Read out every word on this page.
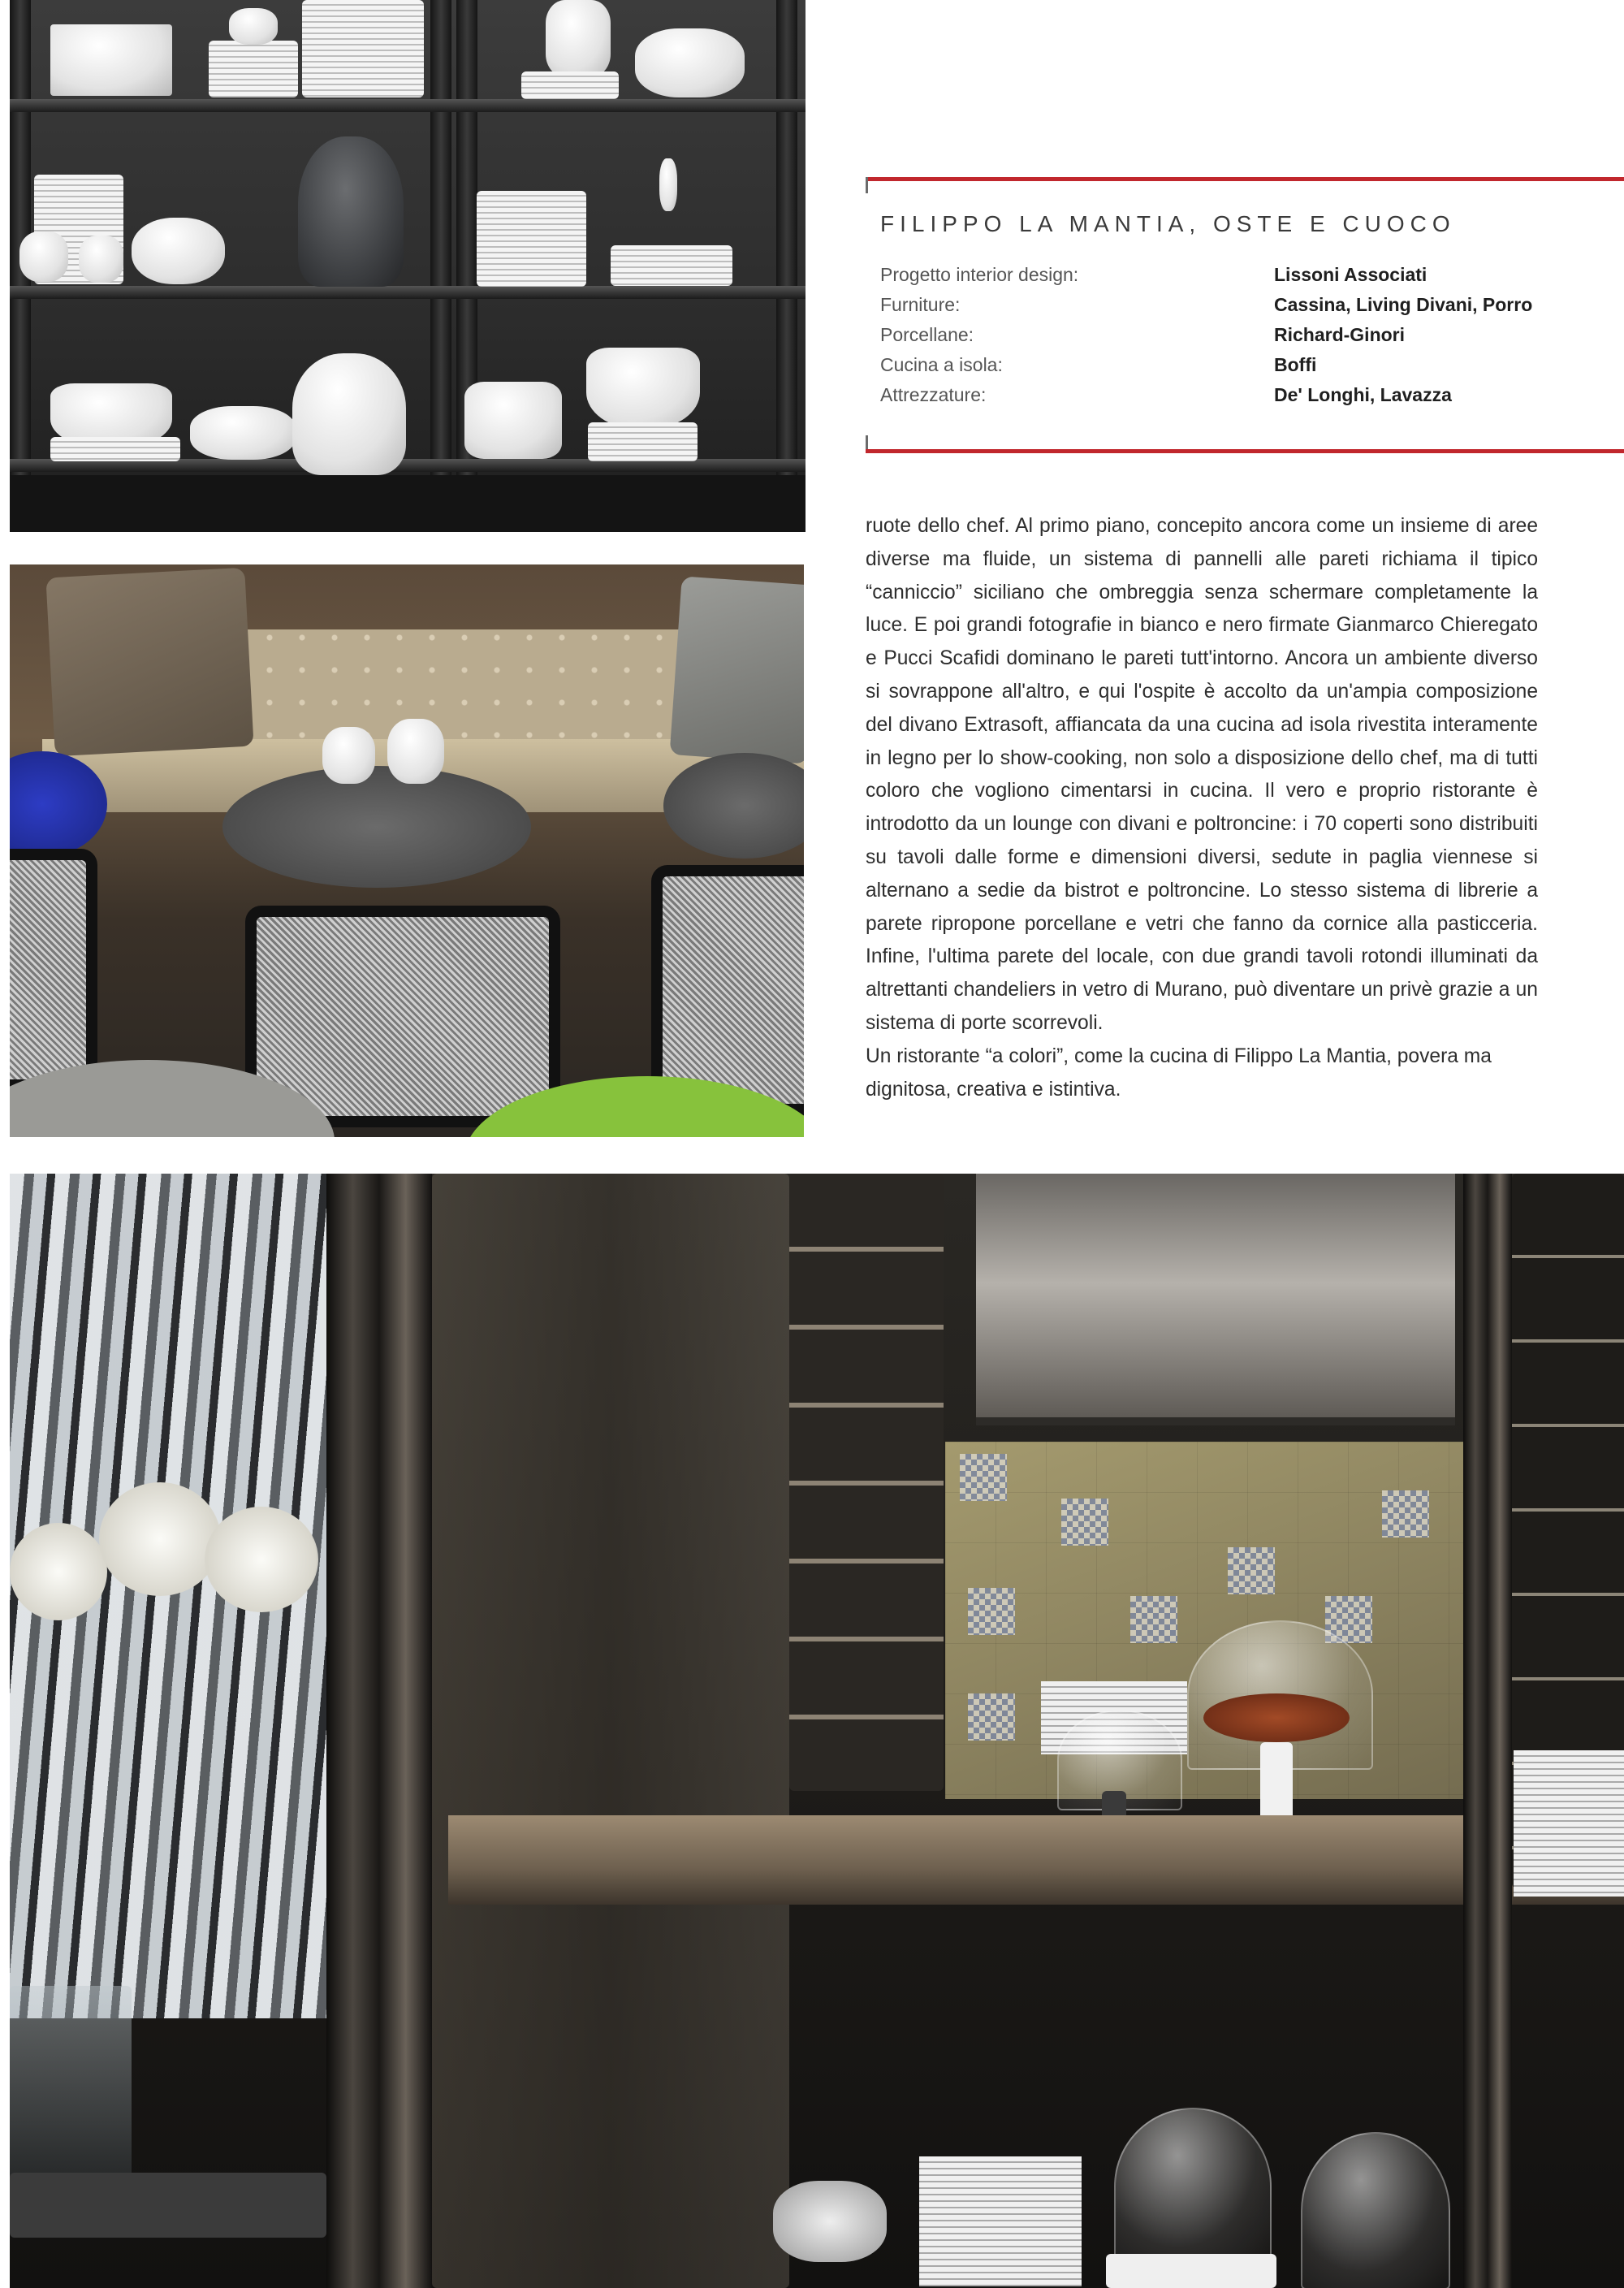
FILIPPO LA MANTIA, OSTE E CUOCO
Progetto interior design:	Lissoni Associati
Furniture:	Cassina, Living Divani, Porro
Porcellane:	Richard-Ginori
Cucina a isola:	Boffi
Attrezzature:	De' Longhi, Lavazza

ruote dello chef. Al primo piano, concepito ancora come un insieme di aree diverse ma fluide, un sistema di pannelli alle pareti richiama il tipico “canniccio” siciliano che ombreggia senza schermare completamente la luce. E poi grandi fotografie in bianco e nero firmate Gianmarco Chieregato e Pucci Scafidi dominano le pareti tutt'intorno. Ancora un ambiente diverso si sovrappone all'altro, e qui l'ospite è accolto da un'ampia composizione del divano Extrasoft, affiancata da una cucina ad isola rivestita interamente in legno per lo show-cooking, non solo a disposizione dello chef, ma di tutti coloro che vogliono cimentarsi in cucina. Il vero e proprio ristorante è introdotto da un lounge con divani e poltroncine: i 70 coperti sono distribuiti su tavoli dalle forme e dimensioni diversi, sedute in paglia viennese si alternano a sedie da bistrot e poltroncine. Lo stesso sistema di librerie a parete ripropone porcellane e vetri che fanno da cornice alla pasticceria. Infine, l'ultima parete del locale, con due grandi tavoli rotondi illuminati da altrettanti chandeliers in vetro di Murano, può diventare un privè grazie a un sistema di porte scorrevoli.

Un ristorante “a colori”, come la cucina di Filippo La Mantia, povera ma dignitosa, creativa e istintiva.
